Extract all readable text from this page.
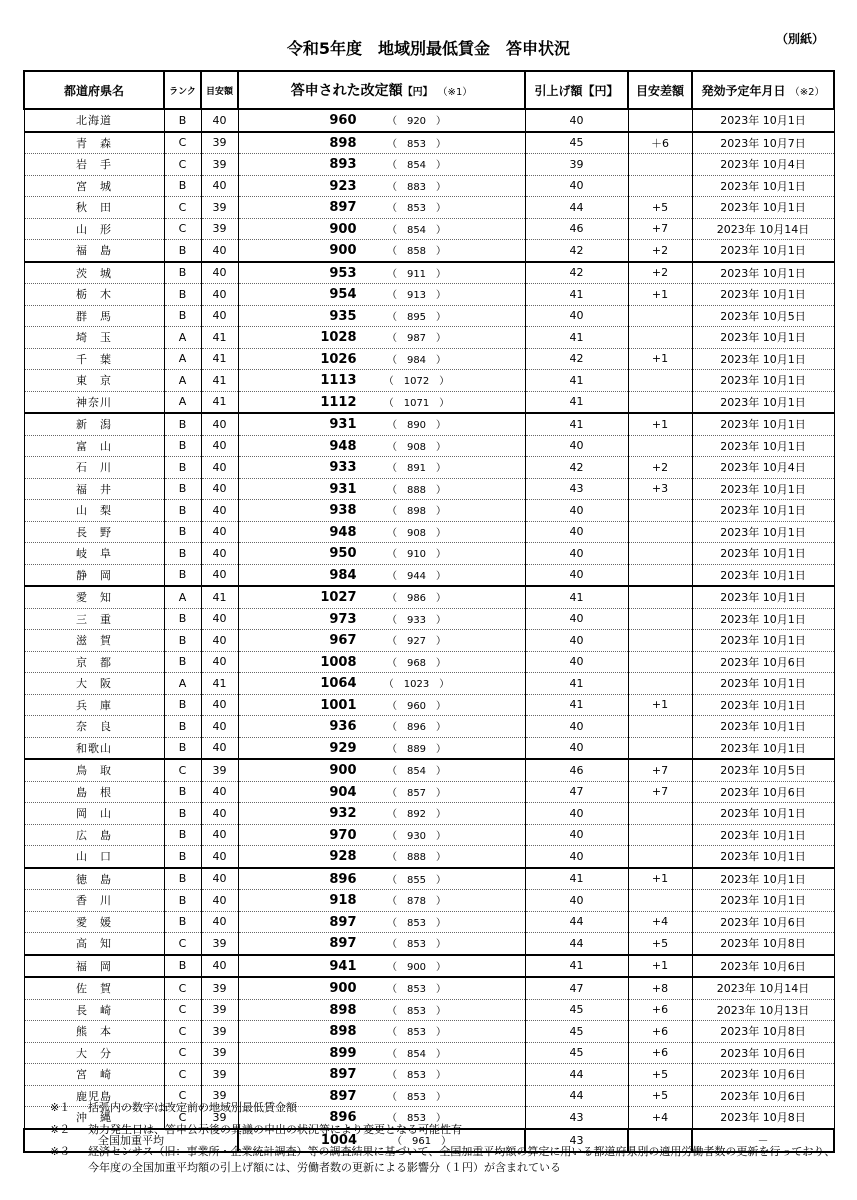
令和5年度　地域別最低賃金　答申状況	（別紙）
都道府県名	ランク	目安額	答申された改定額【円】 （※1）	引上げ額【円】	目安差額	発効予定年月日 （※2）
北海道	B	40	960 （　920　）	40		2023年 10月1日
青　森	C	39	898 （　853　）	45	＋6	2023年 10月7日
岩　手	C	39	893 （　854　）	39		2023年 10月4日
宮　城	B	40	923 （　883　）	40		2023年 10月1日
秋　田	C	39	897 （　853　）	44	+5	2023年 10月1日
山　形	C	39	900 （　854　）	46	+7	2023年 10月14日
福　島	B	40	900 （　858　）	42	+2	2023年 10月1日
茨　城	B	40	953 （　911　）	42	+2	2023年 10月1日
栃　木	B	40	954 （　913　）	41	+1	2023年 10月1日
群　馬	B	40	935 （　895　）	40		2023年 10月5日
埼　玉	A	41	1028 （　987　）	41		2023年 10月1日
千　葉	A	41	1026 （　984　）	42	+1	2023年 10月1日
東　京	A	41	1113 （　1072　）	41		2023年 10月1日
神奈川	A	41	1112 （　1071　）	41		2023年 10月1日
新　潟	B	40	931 （　890　）	41	+1	2023年 10月1日
富　山	B	40	948 （　908　）	40		2023年 10月1日
石　川	B	40	933 （　891　）	42	+2	2023年 10月4日
福　井	B	40	931 （　888　）	43	+3	2023年 10月1日
山　梨	B	40	938 （　898　）	40		2023年 10月1日
長　野	B	40	948 （　908　）	40		2023年 10月1日
岐　阜	B	40	950 （　910　）	40		2023年 10月1日
静　岡	B	40	984 （　944　）	40		2023年 10月1日
愛　知	A	41	1027 （　986　）	41		2023年 10月1日
三　重	B	40	973 （　933　）	40		2023年 10月1日
滋　賀	B	40	967 （　927　）	40		2023年 10月1日
京　都	B	40	1008 （　968　）	40		2023年 10月6日
大　阪	A	41	1064 （　1023　）	41		2023年 10月1日
兵　庫	B	40	1001 （　960　）	41	+1	2023年 10月1日
奈　良	B	40	936 （　896　）	40		2023年 10月1日
和歌山	B	40	929 （　889　）	40		2023年 10月1日
鳥　取	C	39	900 （　854　）	46	+7	2023年 10月5日
島　根	B	40	904 （　857　）	47	+7	2023年 10月6日
岡　山	B	40	932 （　892　）	40		2023年 10月1日
広　島	B	40	970 （　930　）	40		2023年 10月1日
山　口	B	40	928 （　888　）	40		2023年 10月1日
徳　島	B	40	896 （　855　）	41	+1	2023年 10月1日
香　川	B	40	918 （　878　）	40		2023年 10月1日
愛　媛	B	40	897 （　853　）	44	+4	2023年 10月6日
高　知	C	39	897 （　853　）	44	+5	2023年 10月8日
福　岡	B	40	941 （　900　）	41	+1	2023年 10月6日
佐　賀	C	39	900 （　853　）	47	+8	2023年 10月14日
長　崎	C	39	898 （　853　）	45	+6	2023年 10月13日
熊　本	C	39	898 （　853　）	45	+6	2023年 10月8日
大　分	C	39	899 （　854　）	45	+6	2023年 10月6日
宮　崎	C	39	897 （　853　）	44	+5	2023年 10月6日
鹿児島	C	39	897 （　853　）	44	+5	2023年 10月6日
沖　縄	C	39	896 （　853　）	43	+4	2023年 10月8日
全国加重平均			1004 （　961　）	43		－
※１	括弧内の数字は改定前の地域別最低賃金額
※２	効力発生日は、答申公示後の異議の申出の状況等により変更となる可能性有
※３	経済センサス（旧：事業所・企業統計調査）等の調査結果に基づいて、全国加重平均額の算定に用いる都道府県別の適用労働者数の更新を行っており、今年度の全国加重平均額の引上げ額には、労働者数の更新による影響分（１円）が含まれている
